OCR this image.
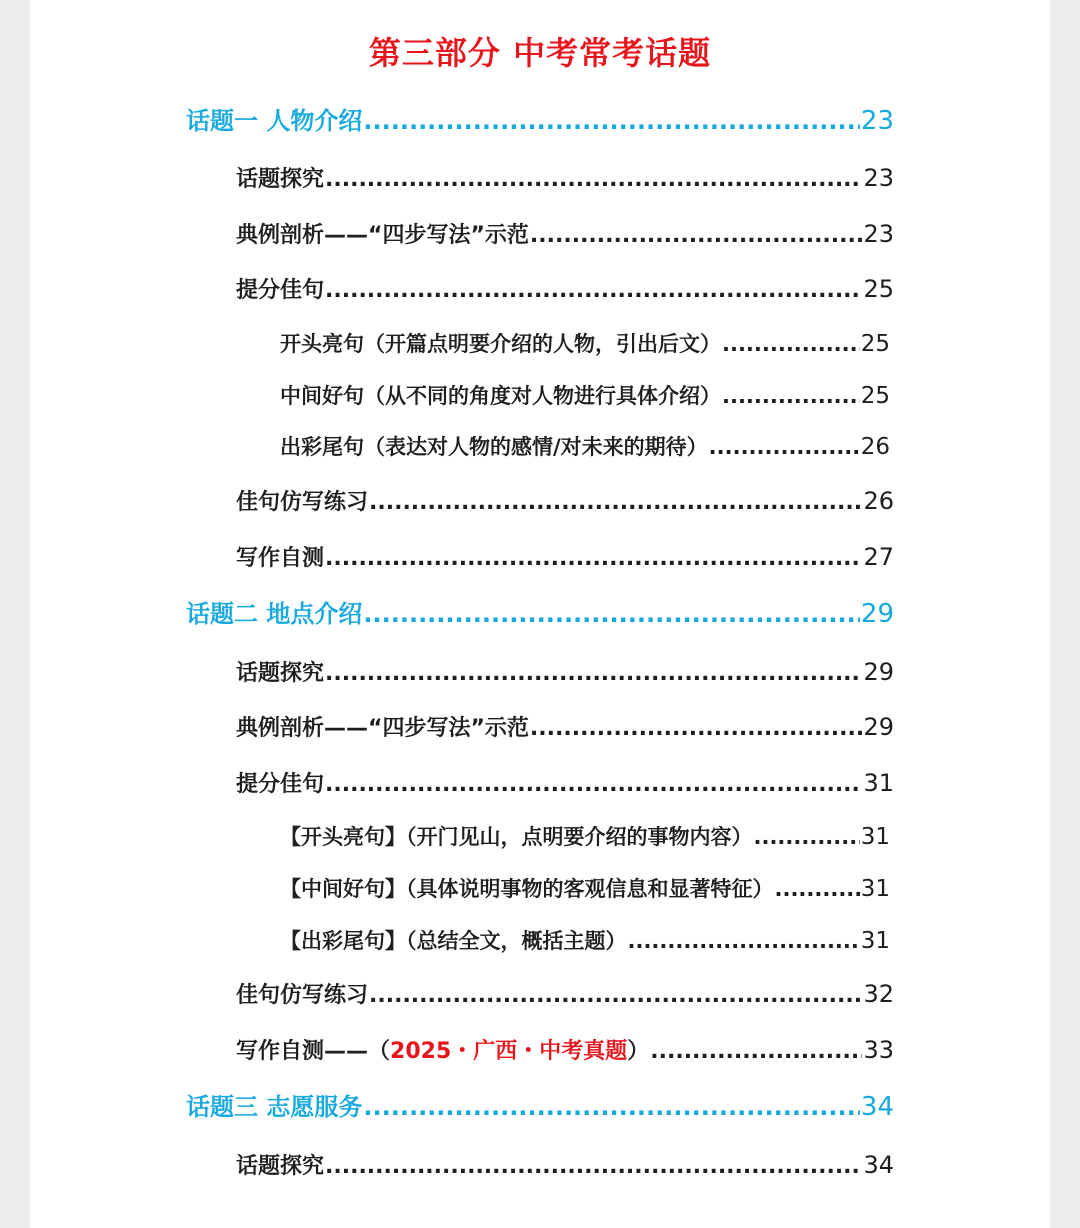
第三部分 中考常考话题
话题一 人物介绍 .....	23
话题探究 .....	23
典例剖析——“四步写法”示范 .....	23
提分佳句 .....	25
开头亮句（开篇点明要介绍的人物，引出后文） .....	25
中间好句（从不同的角度对人物进行具体介绍） .....	25
出彩尾句（表达对人物的感情/对未来的期待） .....	26
佳句仿写练习 .....	26
写作自测 .....	27
话题二 地点介绍 .....	29
话题探究 .....	29
典例剖析——“四步写法”示范 .....	29
提分佳句 .....	31
【开头亮句】（开门见山，点明要介绍的事物内容） .....	31
【中间好句】（具体说明事物的客观信息和显著特征） .....	31
【出彩尾句】（总结全文，概括主题） .....	31
佳句仿写练习 .....	32
写作自测——（2025・广西・中考真题） .....	33
话题三 志愿服务 .....	34
话题探究 .....	34
